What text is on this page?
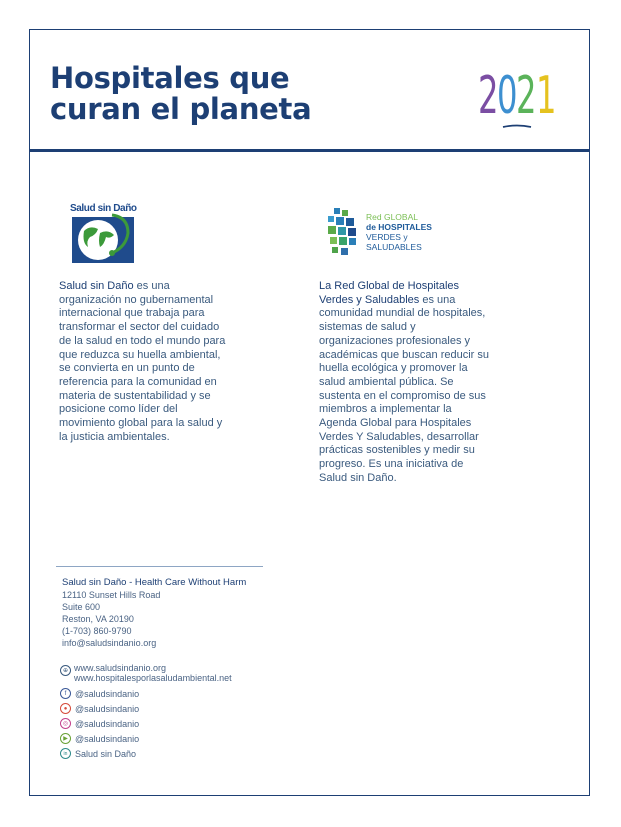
Hospitales que curan el planeta	2
0
2 1
Salud sin Daño
Red GLOBAL
de HOSPITALES
VERDES y
SALUDABLES

Salud sin Daño es una organización no gubernamental internacional que trabaja para transformar el sector del cuidado de la salud en todo el mundo para que reduzca su huella ambiental, se convierta en un punto de referencia para la comunidad en materia de sustentabilidad y se posicione como líder del movimiento global para la salud y la justicia ambientales.

La Red Global de Hospitales Verdes y Saludables es una comunidad mundial de hospitales, sistemas de salud y organizaciones profesionales y académicas que buscan reducir su huella ecológica y promover la salud ambiental pública. Se sustenta en el compromiso de sus miembros a implementar la Agenda Global para Hospitales Verdes Y Saludables, desarrollar prácticas sostenibles y medir su progreso. Es una iniciativa de Salud sin Daño.

Salud sin Daño - Health Care Without Harm
12110 Sunset Hills Road
Suite 600
Reston, VA 20190
(1-703) 860-9790
info@saludsindanio.org
⊕ www.saludsindanio.org
www.hospitalesporlasaludambiental.net
f @saludsindanio
● @saludsindanio
◎ @saludsindanio
▶ @saludsindanio
in Salud sin Daño
